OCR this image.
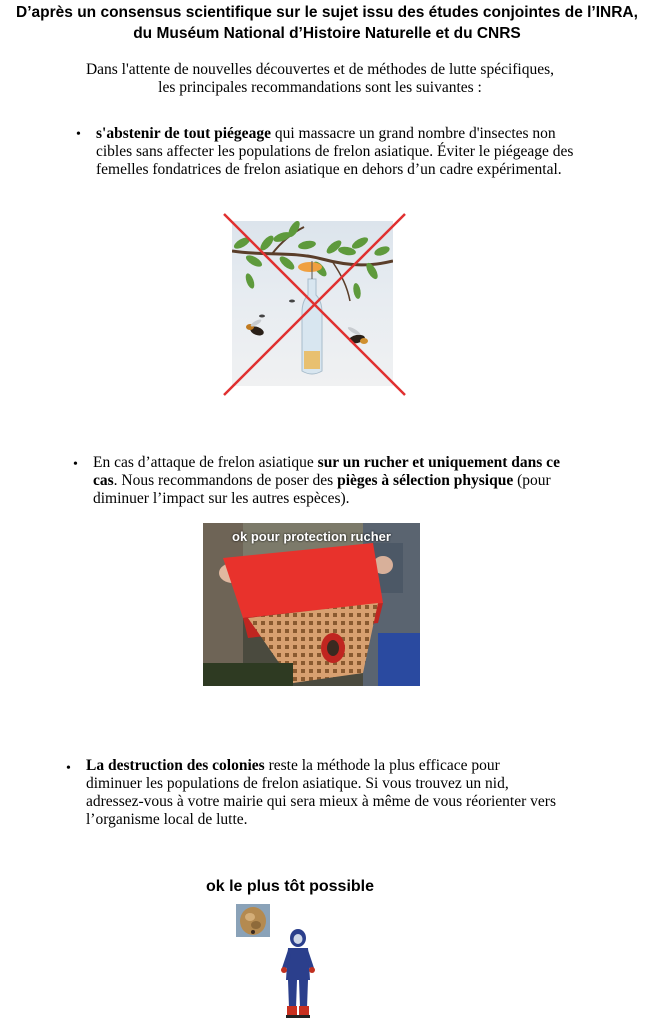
D’après un consensus scientifique sur le sujet issu des études conjointes de l’INRA,
du Muséum National d’Histoire Naturelle et du CNRS
Dans l'attente de nouvelles découvertes et de méthodes de lutte spécifiques,
les principales recommandations sont les suivantes :
• s'abstenir de tout piégeage qui massacre un grand nombre d'insectes non cibles sans affecter les populations de frelon asiatique. Éviter le piégeage des femelles fondatrices de frelon asiatique en dehors d’un cadre expérimental.
• En cas d’attaque de frelon asiatique sur un rucher et uniquement dans ce cas. Nous recommandons de poser des pièges à sélection physique (pour diminuer l’impact sur les autres espèces).
ok pour protection rucher
• La destruction des colonies reste la méthode la plus efficace pour diminuer les populations de frelon asiatique. Si vous trouvez un nid, adressez-vous à votre mairie qui sera mieux à même de vous réorienter vers l’organisme local de lutte.
ok le plus tôt possible
